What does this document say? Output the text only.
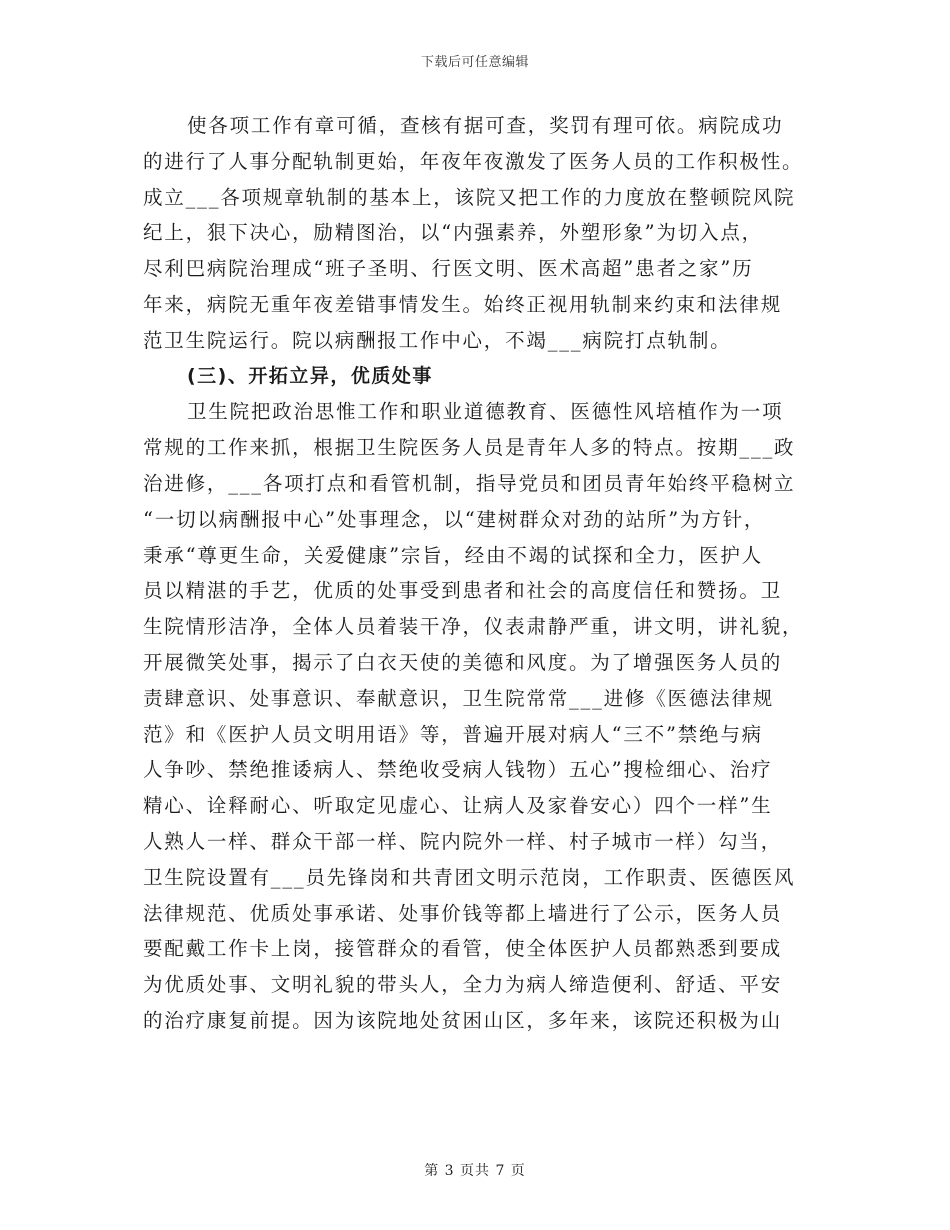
下载后可任意编辑
使各项工作有章可循，查核有据可查，奖罚有理可依。病院成功
的进行了人事分配轨制更始，年夜年夜激发了医务人员的工作积极性。
成立___各项规章轨制的基本上，该院又把工作的力度放在整顿院风院
纪上，狠下决心，励精图治，以“内强素养，外塑形象”为切入点，
尽利巴病院治理成“班子圣明、行医文明、医术高超”患者之家”历
年来，病院无重年夜差错事情发生。始终正视用轨制来约束和法律规
范卫生院运行。院以病酬报工作中心，不竭___病院打点轨制。
(三)、开拓立异，优质处事
卫生院把政治思惟工作和职业道德教育、医德性风培植作为一项
常规的工作来抓，根据卫生院医务人员是青年人多的特点。按期___政
治进修，___各项打点和看管机制，指导党员和团员青年始终平稳树立
“一切以病酬报中心”处事理念，以“建树群众对劲的站所”为方针，
秉承“尊更生命，关爱健康”宗旨，经由不竭的试探和全力，医护人
员以精湛的手艺，优质的处事受到患者和社会的高度信任和赞扬。卫
生院情形洁净，全体人员着装干净，仪表肃静严重，讲文明，讲礼貌，
开展微笑处事，揭示了白衣天使的美德和风度。为了增强医务人员的
责肆意识、处事意识、奉献意识，卫生院常常___进修《医德法律规
范》和《医护人员文明用语》等，普遍开展对病人“三不”禁绝与病
人争吵、禁绝推诿病人、禁绝收受病人钱物）五心”搜检细心、治疗
精心、诠释耐心、听取定见虚心、让病人及家眷安心）四个一样”生
人熟人一样、群众干部一样、院内院外一样、村子城市一样）勾当，
卫生院设置有___员先锋岗和共青团文明示范岗，工作职责、医德医风
法律规范、优质处事承诺、处事价钱等都上墙进行了公示，医务人员
要配戴工作卡上岗，接管群众的看管，使全体医护人员都熟悉到要成
为优质处事、文明礼貌的带头人，全力为病人缔造便利、舒适、平安
的治疗康复前提。因为该院地处贫困山区，多年来，该院还积极为山
第 3 页共 7 页
